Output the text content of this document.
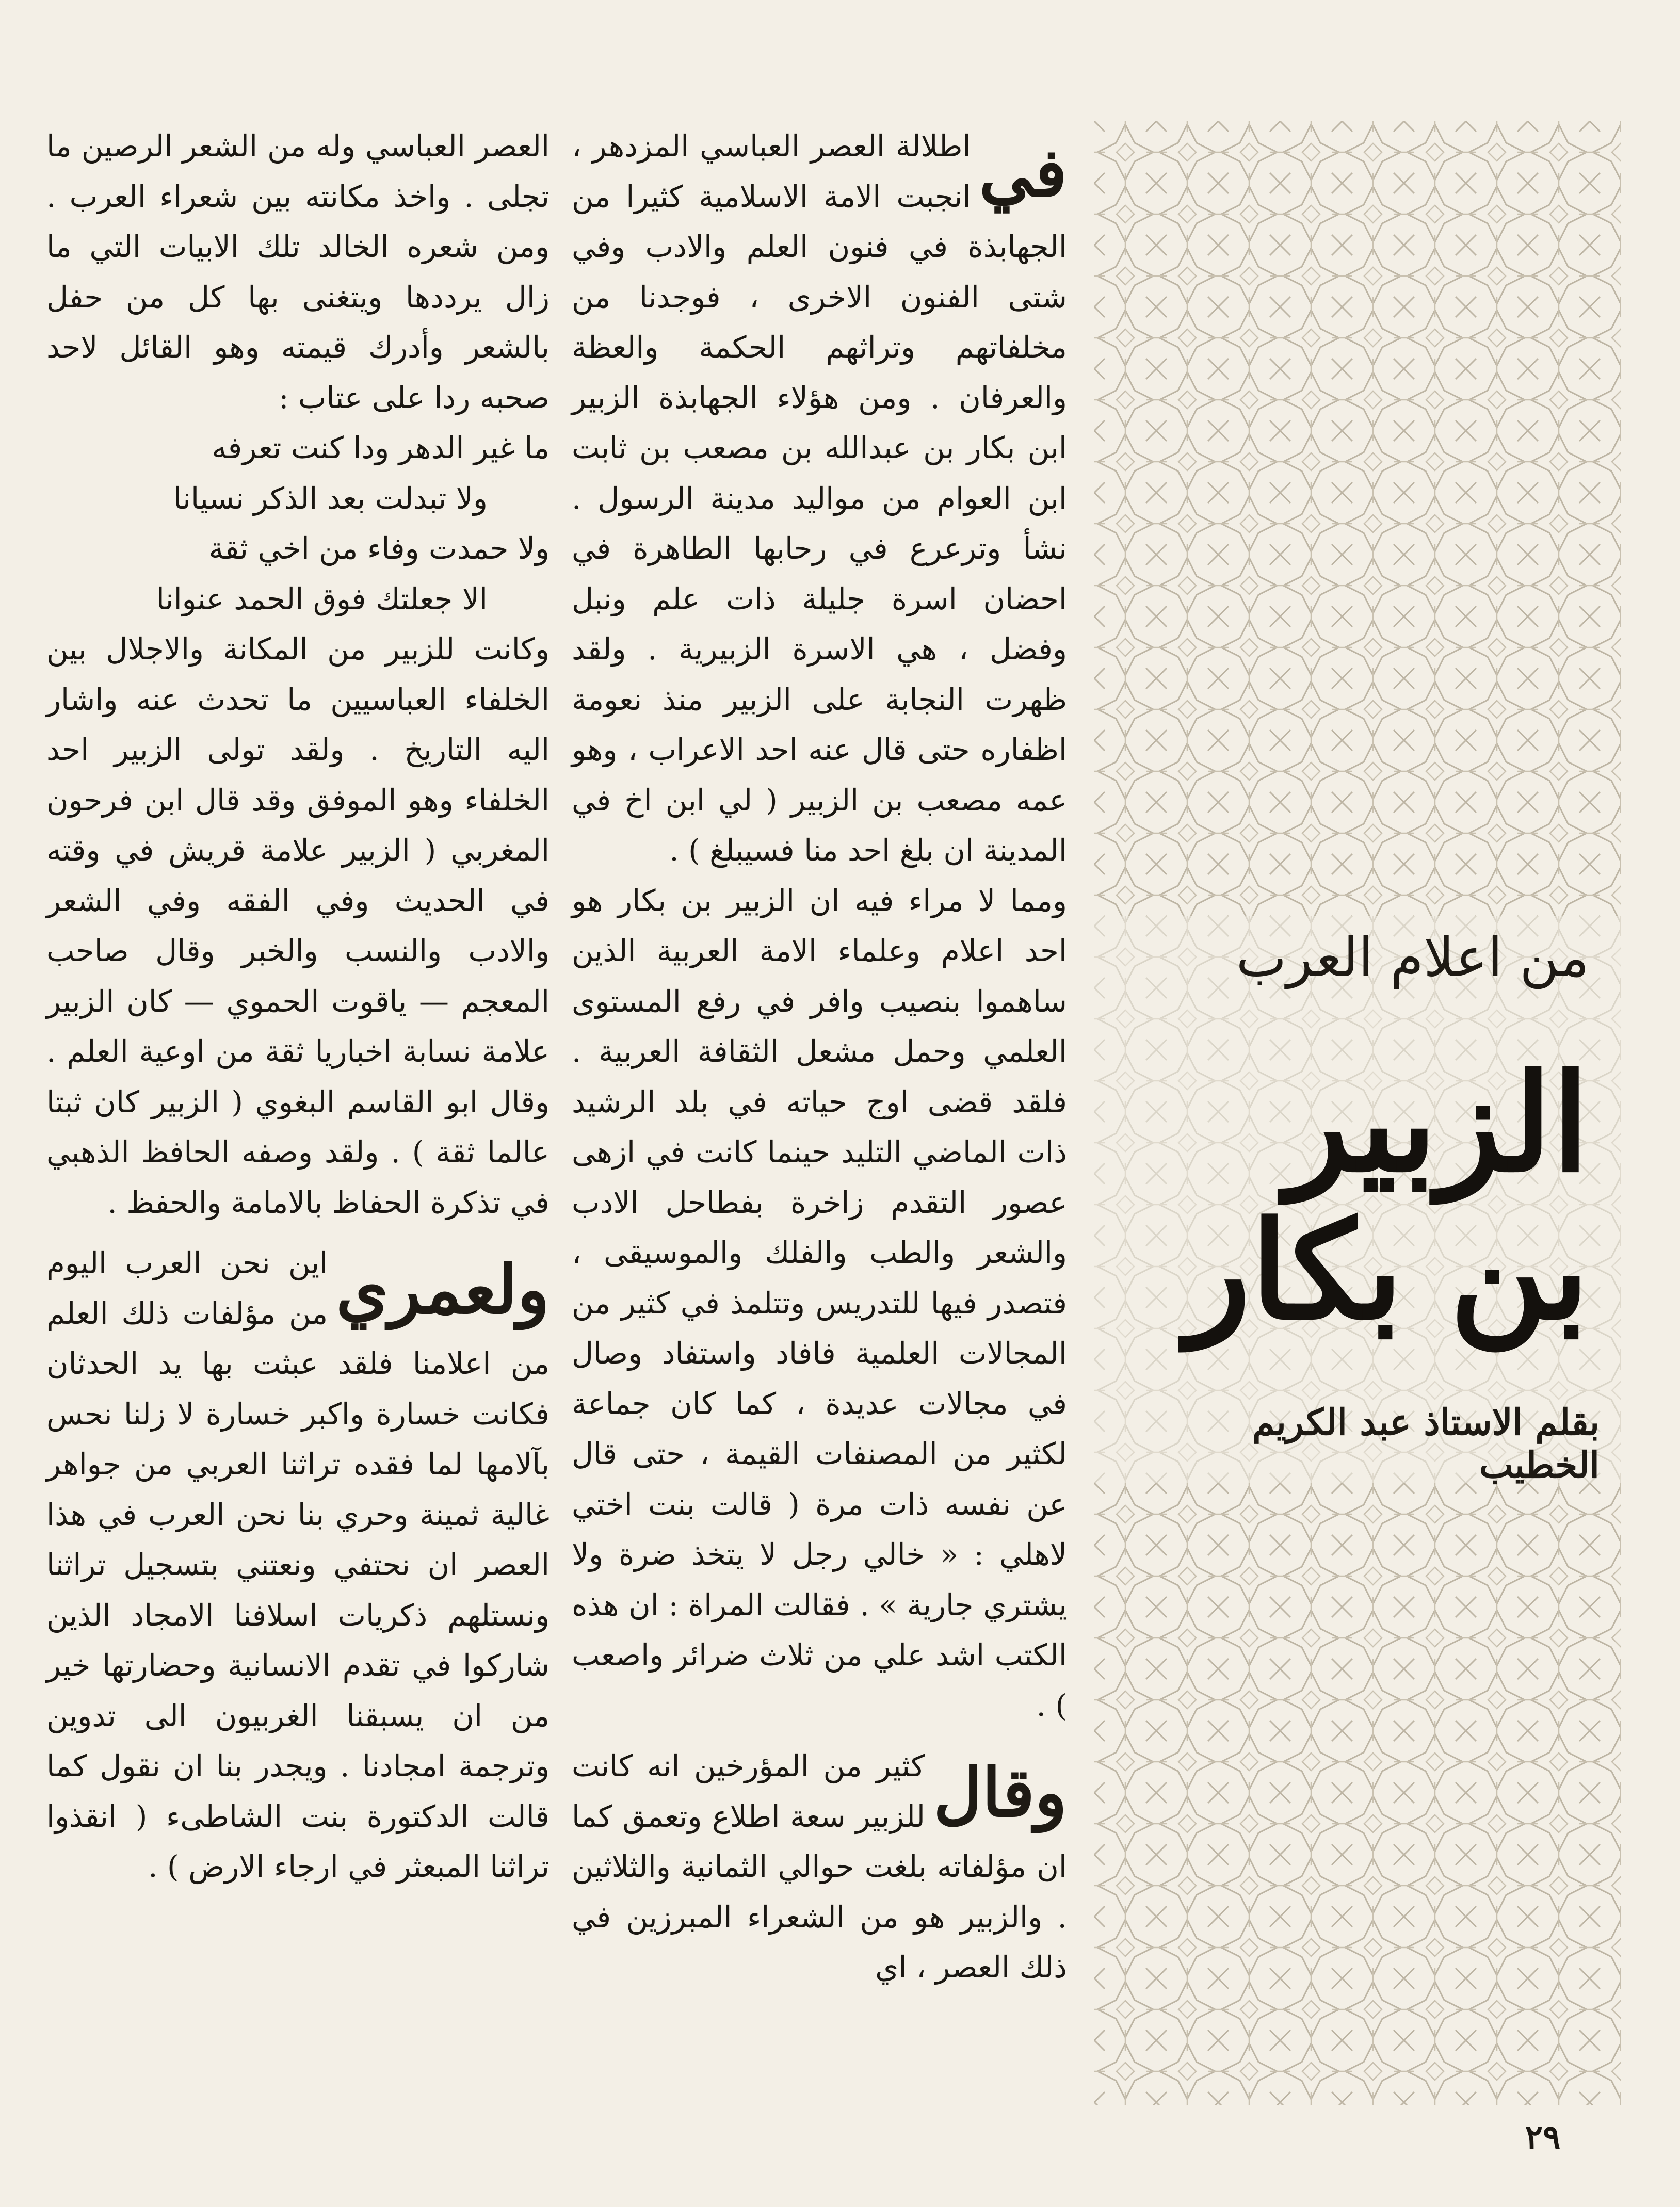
من اعلام العرب
الزبير بن بكار
بقلم الاستاذ عبد الكريم الخطيب

في
اطلالة العصر العباسي المزدهر ، انجبت الامة الاسلامية كثيرا من الجهابذة في فنون العلم والادب وفي شتى الفنون الاخرى ، فوجدنا من مخلفاتهم وتراثهم الحكمة والعظة والعرفان . ومن هؤلاء الجهابذة الزبير ابن بكار بن عبدالله بن مصعب بن ثابت ابن العوام من مواليد مدينة الرسول . نشأ وترعرع في رحابها الطاهرة في احضان اسرة جليلة ذات علم ونبل وفضل ، هي الاسرة الزبيرية . ولقد ظهرت النجابة على الزبير منذ نعومة اظفاره حتى قال عنه احد الاعراب ، وهو عمه مصعب بن الزبير ( لي ابن اخ في المدينة ان بلغ احد منا فسيبلغ ) .

ومما لا مراء فيه ان الزبير بن بكار هو احد اعلام وعلماء الامة العربية الذين ساهموا بنصيب وافر في رفع المستوى العلمي وحمل مشعل الثقافة العربية . فلقد قضى اوج حياته في بلد الرشيد ذات الماضي التليد حينما كانت في ازهى عصور التقدم زاخرة بفطاحل الادب والشعر والطب والفلك والموسيقى ، فتصدر فيها للتدريس وتتلمذ في كثير من المجالات العلمية فافاد واستفاد وصال في مجالات عديدة ، كما كان جماعة لكثير من المصنفات القيمة ، حتى قال عن نفسه ذات مرة ( قالت بنت اختي لاهلي : « خالي رجل لا يتخذ ضرة ولا يشتري جارية » . فقالت المراة : ان هذه الكتب اشد علي من ثلاث ضرائر واصعب ) .

وقال
كثير من المؤرخين انه كانت للزبير سعة اطلاع وتعمق كما ان مؤلفاته بلغت حوالي الثمانية والثلاثين . والزبير هو من الشعراء المبرزين في ذلك العصر ، اي

العصر العباسي وله من الشعر الرصين ما تجلى . واخذ مكانته بين شعراء العرب . ومن شعره الخالد تلك الابيات التي ما زال يرددها ويتغنى بها كل من حفل بالشعر وأدرك قيمته وهو القائل لاحد صحبه ردا على عتاب :

ما غير الدهر ودا كنت تعرفه

ولا تبدلت بعد الذكر نسيانا

ولا حمدت وفاء من اخي ثقة

الا جعلتك فوق الحمد عنوانا

وكانت للزبير من المكانة والاجلال بين الخلفاء العباسيين ما تحدث عنه واشار اليه التاريخ . ولقد تولى الزبير احد الخلفاء وهو الموفق وقد قال ابن فرحون المغربي ( الزبير علامة قريش في وقته في الحديث وفي الفقه وفي الشعر والادب والنسب والخبر وقال صاحب المعجم — ياقوت الحموي — كان الزبير علامة نسابة اخباريا ثقة من اوعية العلم . وقال ابو القاسم البغوي ( الزبير كان ثبتا عالما ثقة ) . ولقد وصفه الحافظ الذهبي في تذكرة الحفاظ بالامامة والحفظ .

ولعمري
اين نحن العرب اليوم من مؤلفات ذلك العلم من اعلامنا فلقد عبثت بها يد الحدثان فكانت خسارة واكبر خسارة لا زلنا نحس بآلامها لما فقده تراثنا العربي من جواهر غالية ثمينة وحري بنا نحن العرب في هذا العصر ان نحتفي ونعتني بتسجيل تراثنا ونستلهم ذكريات اسلافنا الامجاد الذين شاركوا في تقدم الانسانية وحضارتها خير من ان يسبقنا الغربيون الى تدوين وترجمة امجادنا . ويجدر بنا ان نقول كما قالت الدكتورة بنت الشاطىء ( انقذوا تراثنا المبعثر في ارجاء الارض ) .

٢٩
